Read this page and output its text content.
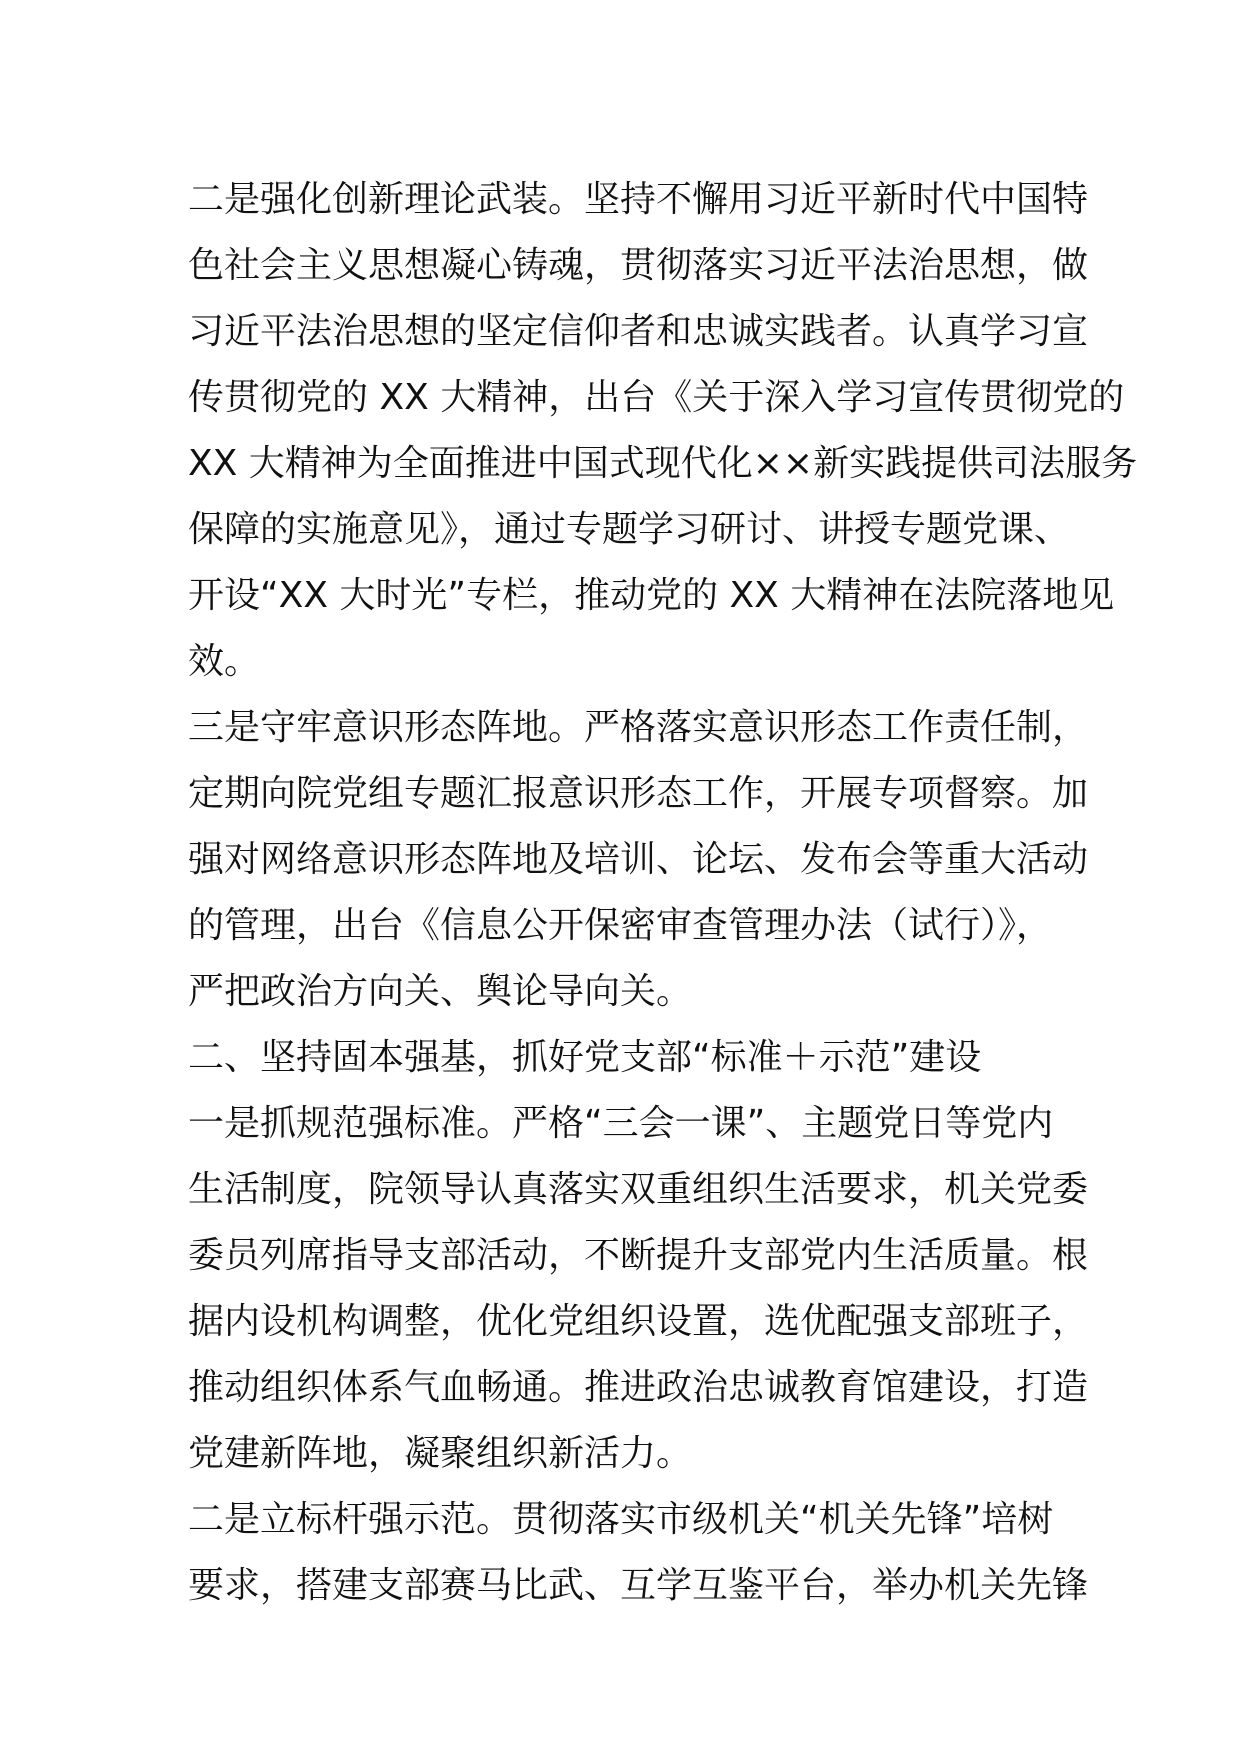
二是强化创新理论武装。坚持不懈用习近平新时代中国特
色社会主义思想凝心铸魂，贯彻落实习近平法治思想，做
习近平法治思想的坚定信仰者和忠诚实践者。认真学习宣
传贯彻党的 XX 大精神，出台《关于深入学习宣传贯彻党的
XX 大精神为全面推进中国式现代化××新实践提供司法服务
保障的实施意见》，通过专题学习研讨、讲授专题党课、
开设“XX 大时光”专栏，推动党的 XX 大精神在法院落地见
效。

三是守牢意识形态阵地。严格落实意识形态工作责任制，
定期向院党组专题汇报意识形态工作，开展专项督察。加
强对网络意识形态阵地及培训、论坛、发布会等重大活动
的管理，出台《信息公开保密审查管理办法（试行）》，
严把政治方向关、舆论导向关。

二、坚持固本强基，抓好党支部“标准＋示范”建设

一是抓规范强标准。严格“三会一课”、主题党日等党内
生活制度，院领导认真落实双重组织生活要求，机关党委
委员列席指导支部活动，不断提升支部党内生活质量。根
据内设机构调整，优化党组织设置，选优配强支部班子，
推动组织体系气血畅通。推进政治忠诚教育馆建设，打造
党建新阵地，凝聚组织新活力。

二是立标杆强示范。贯彻落实市级机关“机关先锋”培树
要求，搭建支部赛马比武、互学互鉴平台，举办机关先锋
